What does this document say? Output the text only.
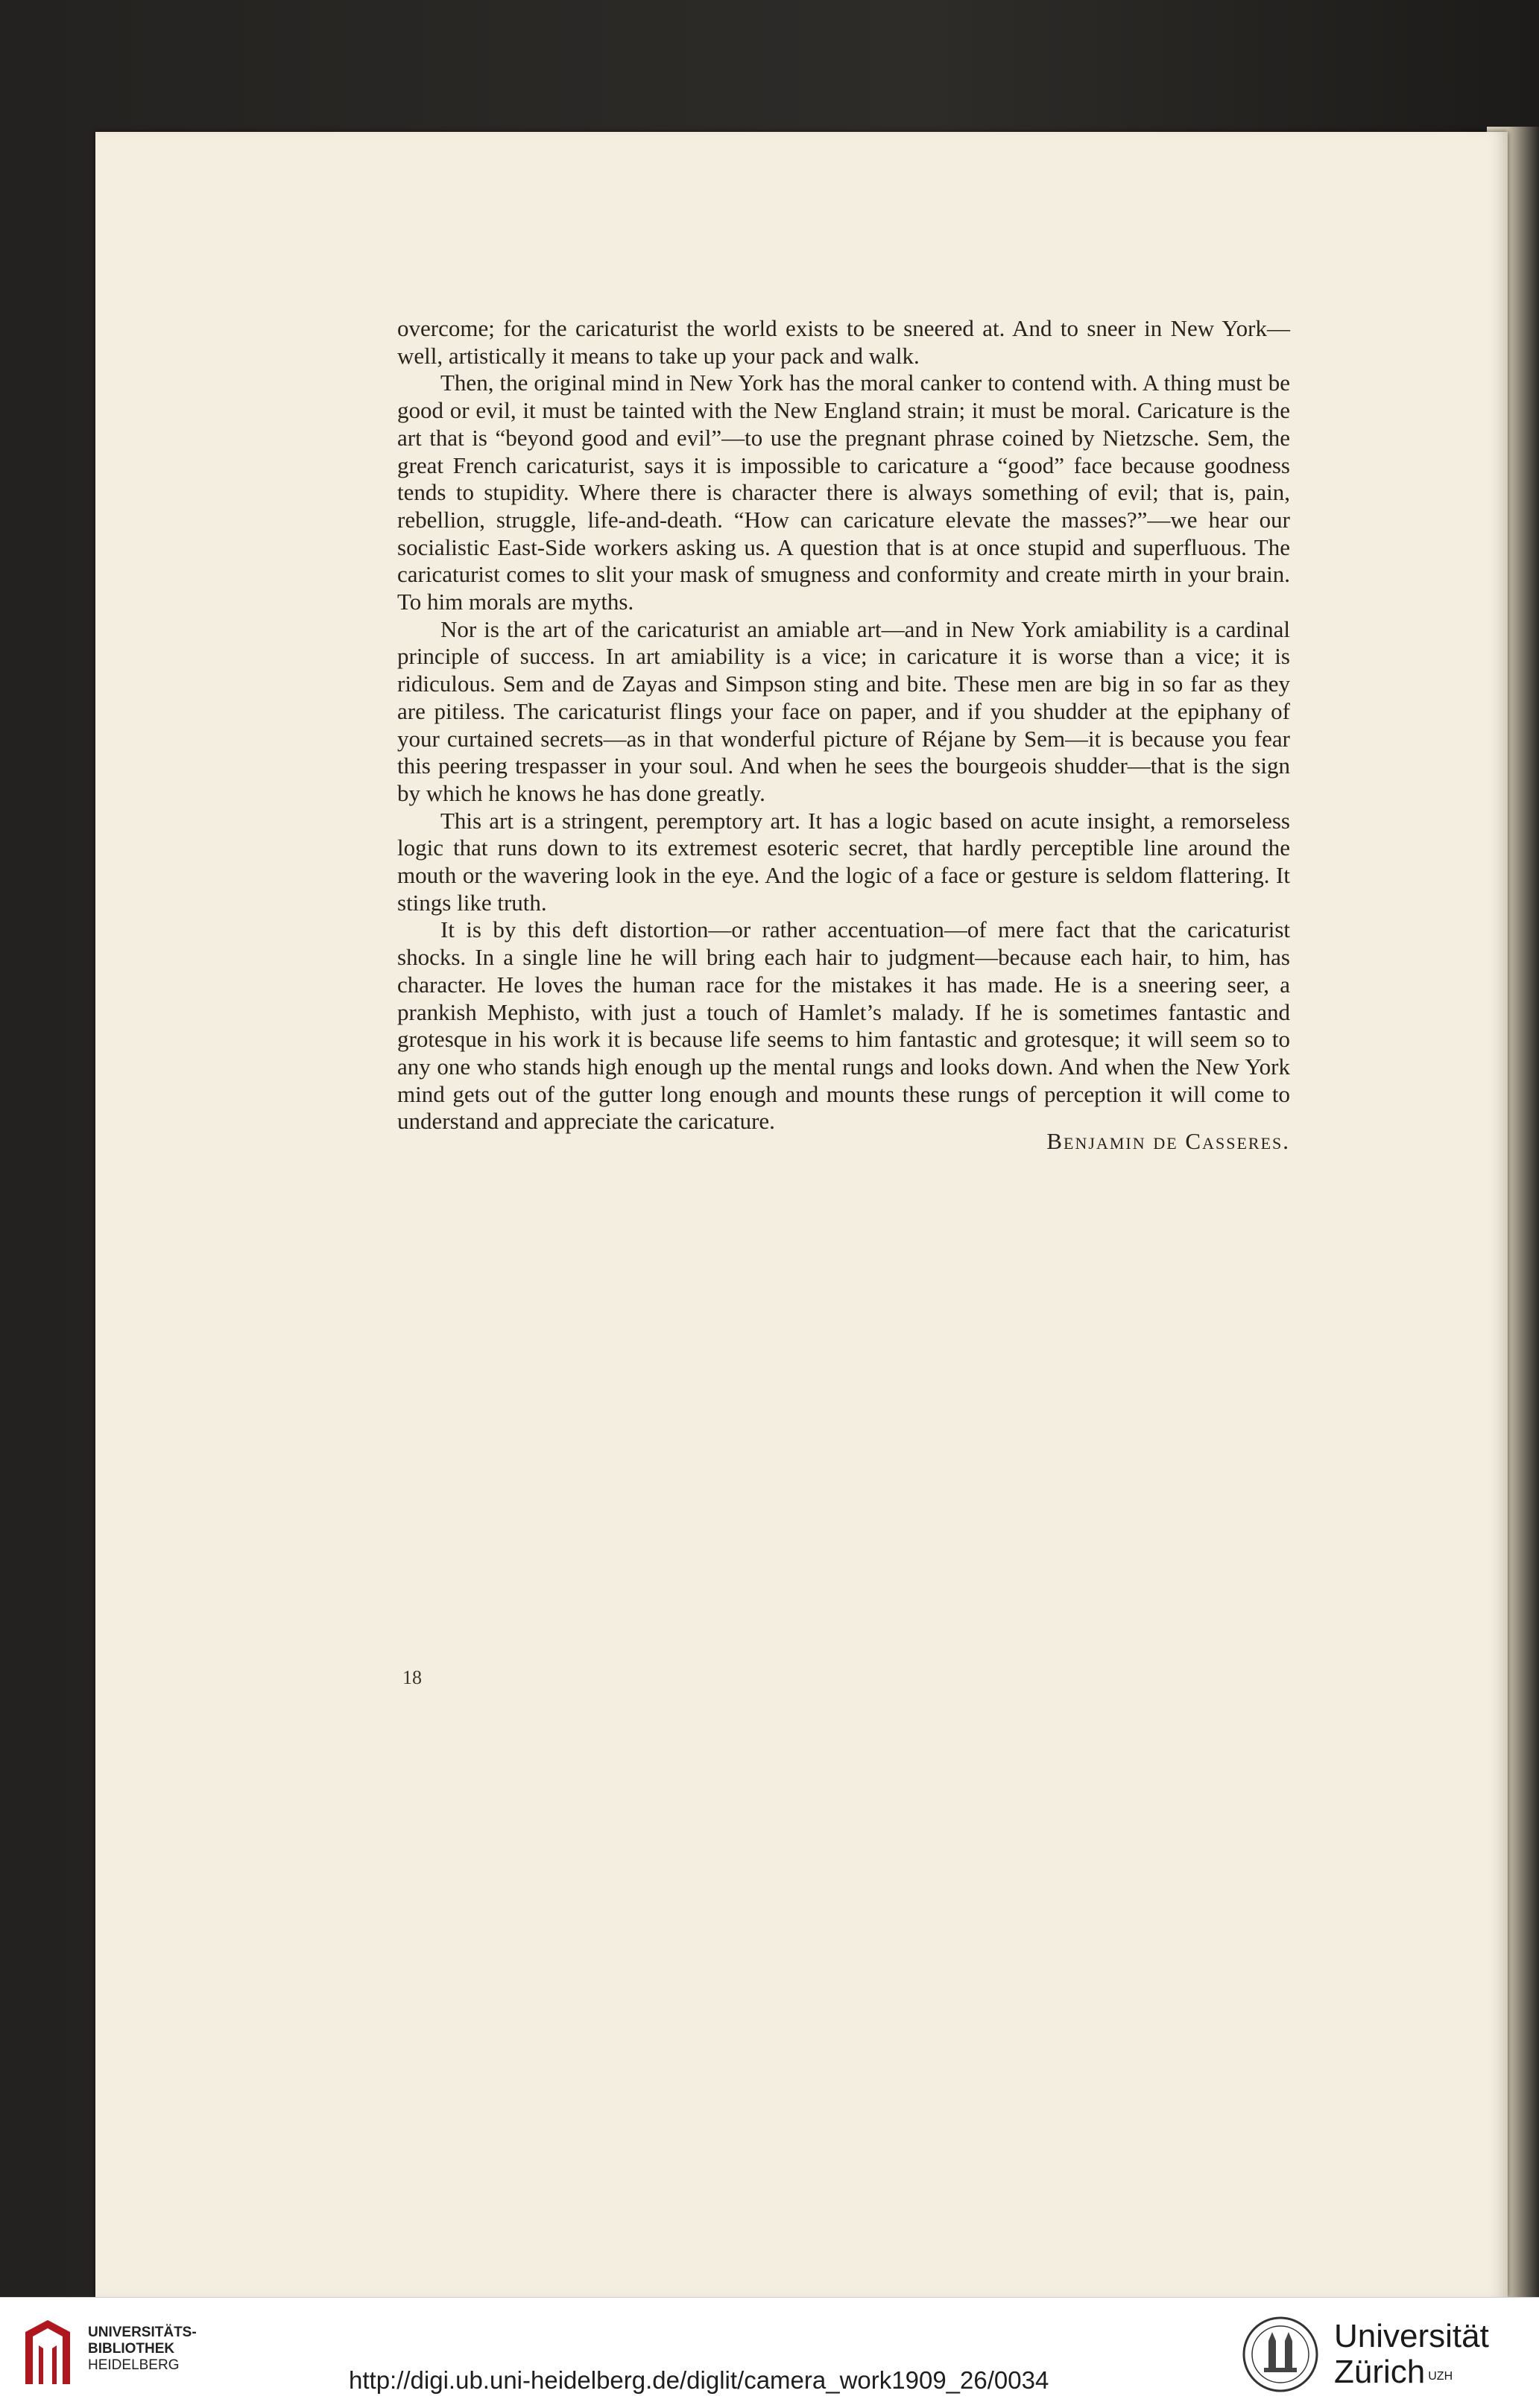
overcome; for the caricaturist the world exists to be sneered at. And to sneer in New York—well, artistically it means to take up your pack and walk.

Then, the original mind in New York has the moral canker to contend with. A thing must be good or evil, it must be tainted with the New England strain; it must be moral. Caricature is the art that is “beyond good and evil”—to use the pregnant phrase coined by Nietzsche. Sem, the great French caricaturist, says it is impossible to caricature a “good” face because goodness tends to stupidity. Where there is character there is always something of evil; that is, pain, rebellion, struggle, life-and-death. “How can caricature elevate the masses?”—we hear our socialistic East-Side workers asking us. A question that is at once stupid and superfluous. The caricaturist comes to slit your mask of smugness and conformity and create mirth in your brain. To him morals are myths.

Nor is the art of the caricaturist an amiable art—and in New York amiability is a cardinal principle of success. In art amiability is a vice; in caricature it is worse than a vice; it is ridiculous. Sem and de Zayas and Simpson sting and bite. These men are big in so far as they are pitiless. The caricaturist flings your face on paper, and if you shudder at the epiphany of your curtained secrets—as in that wonderful picture of Réjane by Sem—it is because you fear this peering trespasser in your soul. And when he sees the bourgeois shudder—that is the sign by which he knows he has done greatly.

This art is a stringent, peremptory art. It has a logic based on acute insight, a remorseless logic that runs down to its extremest esoteric secret, that hardly perceptible line around the mouth or the wavering look in the eye. And the logic of a face or gesture is seldom flattering. It stings like truth.

It is by this deft distortion—or rather accentuation—of mere fact that the caricaturist shocks. In a single line he will bring each hair to judgment—because each hair, to him, has character. He loves the human race for the mistakes it has made. He is a sneering seer, a prankish Mephisto, with just a touch of Hamlet’s malady. If he is sometimes fantastic and grotesque in his work it is because life seems to him fantastic and grotesque; it will seem so to any one who stands high enough up the mental rungs and looks down. And when the New York mind gets out of the gutter long enough and mounts these rungs of perception it will come to understand and appreciate the caricature.

Benjamin de Casseres.
18
UNIVERSITÄTS-
BIBLIOTHEK
HEIDELBERG
http://digi.ub.uni-heidelberg.de/diglit/camera_work1909_26/0034
Universität
Zürich $^{UZH}$
